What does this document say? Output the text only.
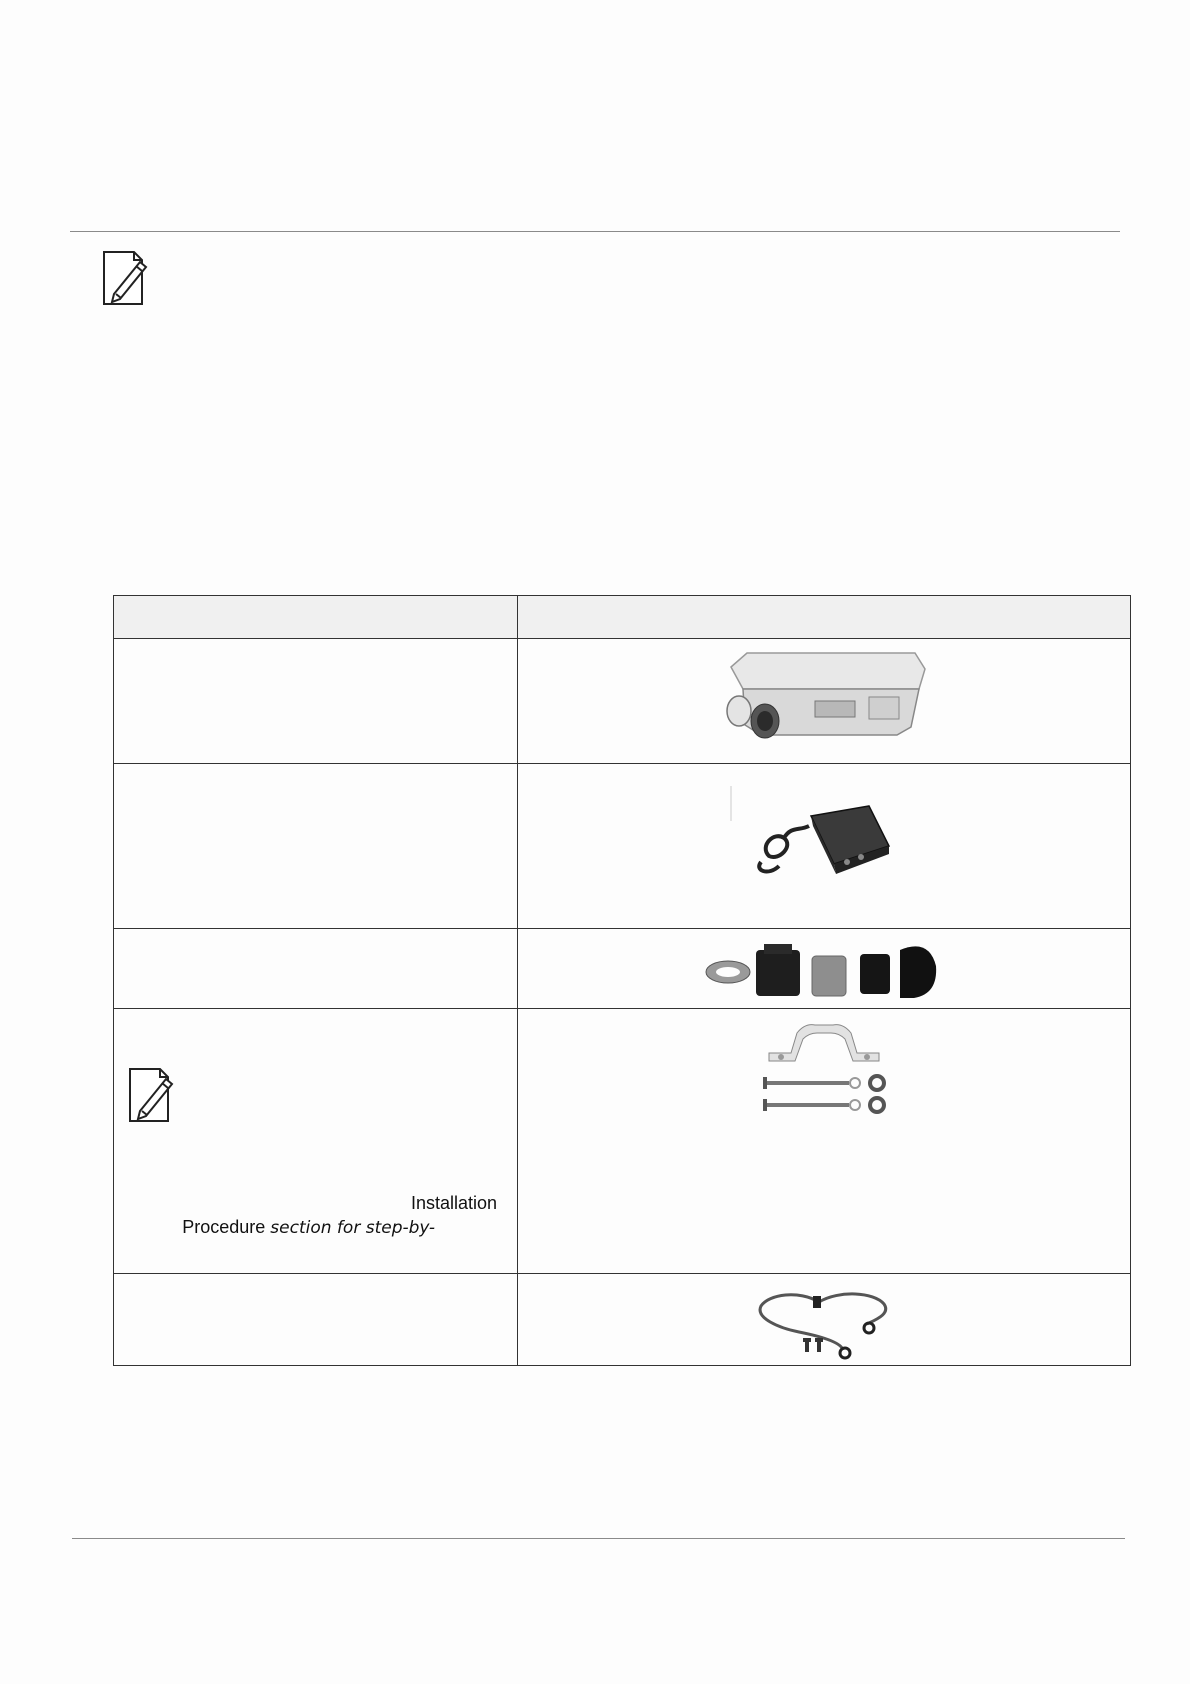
Installation
Procedure section for step-by-
